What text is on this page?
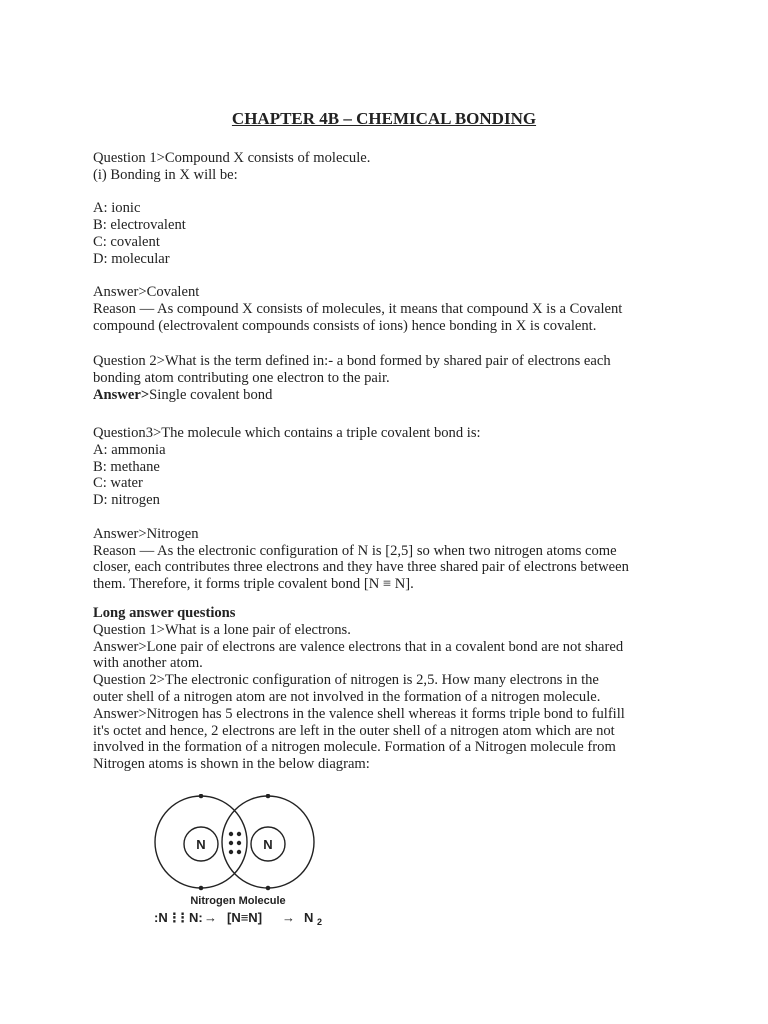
CHAPTER 4B – CHEMICAL BONDING

Question 1>Compound X consists of molecule.

(i) Bonding in X will be:

A: ionic

B: electrovalent

C: covalent

D: molecular

Answer>Covalent

Reason — As compound X consists of molecules, it means that compound X is a Covalent

compound (electrovalent compounds consists of ions) hence bonding in X is covalent.

Question 2>What is the term defined in:- a bond formed by shared pair of electrons each

bonding atom contributing one electron to the pair.

Answer>Single covalent bond

Question3>The molecule which contains a triple covalent bond is:

A: ammonia

B: methane

C: water

D: nitrogen

Answer>Nitrogen

Reason — As the electronic configuration of N is [2,5] so when two nitrogen atoms come

closer, each contributes three electrons and they have three shared pair of electrons between

them. Therefore, it forms triple covalent bond [N ≡ N].

Long answer questions

Question 1>What is a lone pair of electrons.

Answer>Lone pair of electrons are valence electrons that in a covalent bond are not shared

with another atom.

Question 2>The electronic configuration of nitrogen is 2,5. How many electrons in the

outer shell of a nitrogen atom are not involved in the formation of a nitrogen molecule.

Answer>Nitrogen has 5 electrons in the valence shell whereas it forms triple bond to fulfill

it's octet and hence, 2 electrons are left in the outer shell of a nitrogen atom which are not

involved in the formation of a nitrogen molecule. Formation of a Nitrogen molecule from

Nitrogen atoms is shown in the below diagram:

N	N
Nitrogen Molecule
:N⋮ ⋮N: → [N≡N] → N $_2$
